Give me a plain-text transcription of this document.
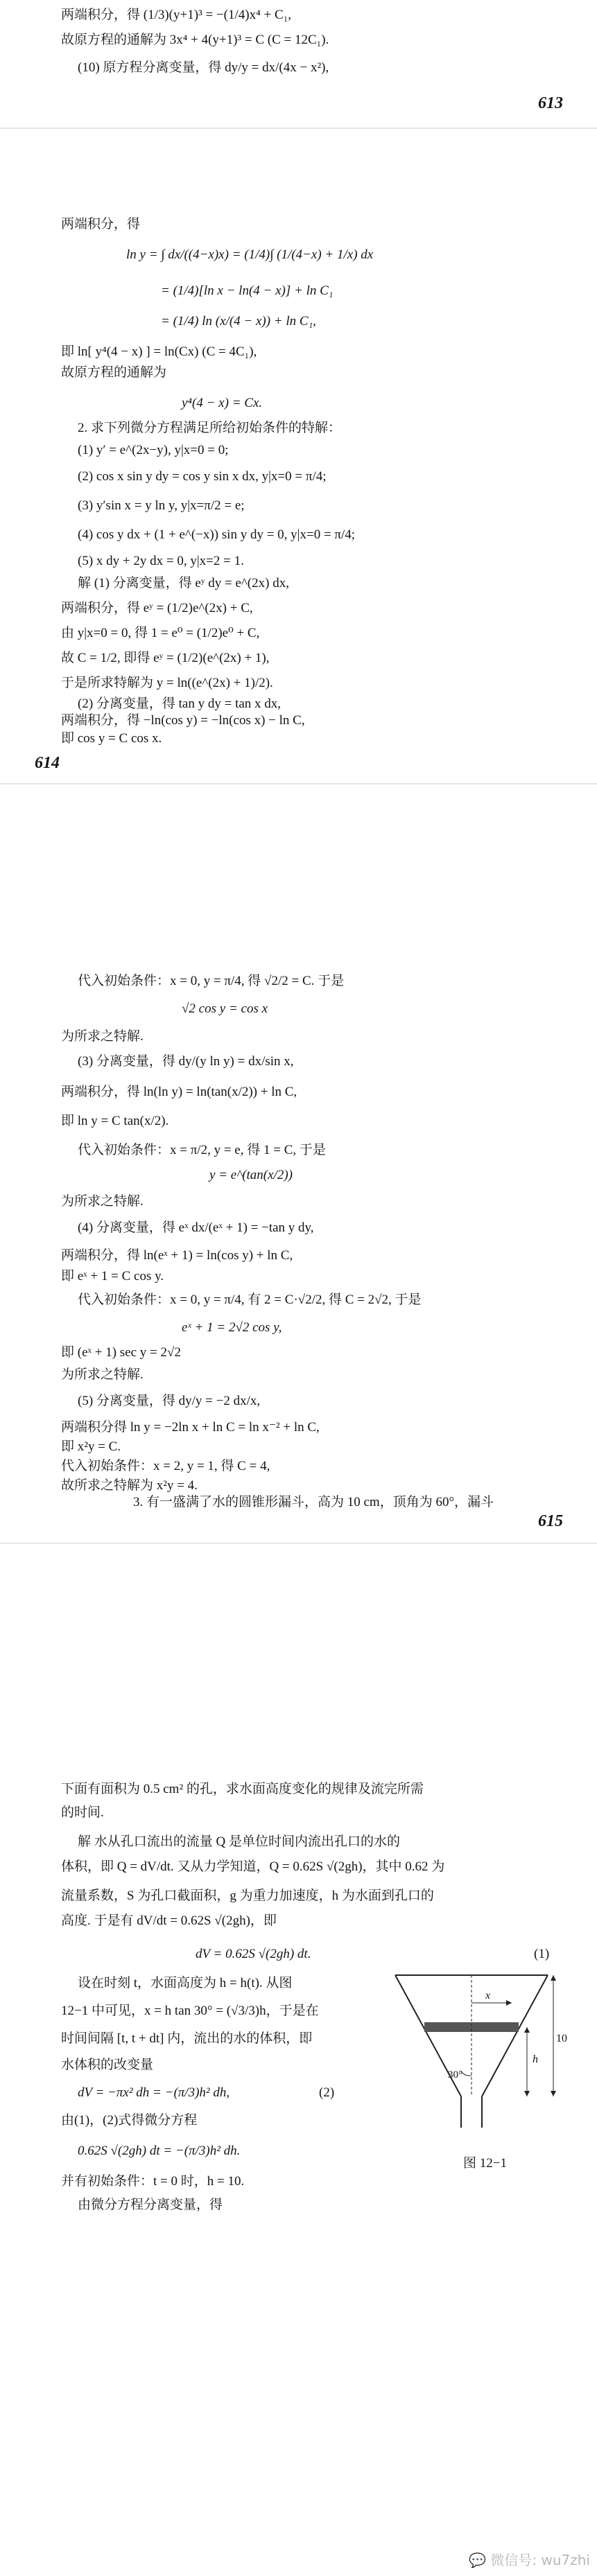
两端积分，得 (1/3)(y+1)³ = −(1/4)x⁴ + C₁,
故原方程的通解为 3x⁴ + 4(y+1)³ = C (C = 12C₁).
(10) 原方程分离变量，得 dy/y = dx/(4x − x²),
613
两端积分，得
ln y = ∫ dx/((4−x)x) = (1/4)∫ (1/(4−x) + 1/x) dx
= (1/4)[ln x − ln(4 − x)] + ln C₁
= (1/4) ln (x/(4 − x)) + ln C₁,
即 ln[ y⁴(4 − x) ] = ln(Cx) (C = 4C₁),
故原方程的通解为
y⁴(4 − x) = Cx.
2. 求下列微分方程满足所给初始条件的特解：
(1) y′ = e^(2x−y), y|x=0 = 0;
(2) cos x sin y dy = cos y sin x dx, y|x=0 = π/4;
(3) y′sin x = y ln y, y|x=π/2 = e;
(4) cos y dx + (1 + e^(−x)) sin y dy = 0, y|x=0 = π/4;
(5) x dy + 2y dx = 0, y|x=2 = 1.
解 (1) 分离变量，得 eʸ dy = e^(2x) dx,
两端积分，得 eʸ = (1/2)e^(2x) + C,
由 y|x=0 = 0, 得 1 = e⁰ = (1/2)e⁰ + C,
故 C = 1/2, 即得 eʸ = (1/2)(e^(2x) + 1),
于是所求特解为 y = ln((e^(2x) + 1)/2).
(2) 分离变量，得 tan y dy = tan x dx,
两端积分，得 −ln(cos y) = −ln(cos x) − ln C,
即 cos y = C cos x.
614
代入初始条件：x = 0, y = π/4, 得 √2/2 = C. 于是
√2 cos y = cos x
为所求之特解.
(3) 分离变量，得 dy/(y ln y) = dx/sin x,
两端积分，得 ln(ln y) = ln(tan(x/2)) + ln C,
即 ln y = C tan(x/2).
代入初始条件：x = π/2, y = e, 得 1 = C, 于是
y = e^(tan(x/2))
为所求之特解.
(4) 分离变量，得 eˣ dx/(eˣ + 1) = −tan y dy,
两端积分，得 ln(eˣ + 1) = ln(cos y) + ln C,
即 eˣ + 1 = C cos y.
代入初始条件：x = 0, y = π/4, 有 2 = C·√2/2, 得 C = 2√2, 于是
eˣ + 1 = 2√2 cos y,
即 (eˣ + 1) sec y = 2√2
为所求之特解.
(5) 分离变量，得 dy/y = −2 dx/x,
两端积分得 ln y = −2ln x + ln C = ln x⁻² + ln C,
即 x²y = C.
代入初始条件：x = 2, y = 1, 得 C = 4,
故所求之特解为 x²y = 4.
3. 有一盛满了水的圆锥形漏斗，高为 10 cm，顶角为 60°，漏斗
615
下面有面积为 0.5 cm² 的孔，求水面高度变化的规律及流完所需
的时间.
解 水从孔口流出的流量 Q 是单位时间内流出孔口的水的
体积，即 Q = dV/dt. 又从力学知道，Q = 0.62S √(2gh)，其中 0.62 为
流量系数，S 为孔口截面积，g 为重力加速度，h 为水面到孔口的
高度. 于是有 dV/dt = 0.62S √(2gh)，即
dV = 0.62S √(2gh) dt.	(1)
设在时刻 t，水面高度为 h = h(t). 从图
12−1 中可见，x = h tan 30° = (√3/3)h，于是在
时间间隔 [t, t + dt] 内，流出的水的体积，即
水体积的改变量
dV = −πx² dh = −(π/3)h² dh,	(2)
由(1)，(2)式得微分方程
0.62S √(2gh) dt = −(π/3)h² dh.
并有初始条件：t = 0 时，h = 10.
由微分方程分离变量，得
x
h
10
30°
图 12−1
💬 微信号: wu7zhi
